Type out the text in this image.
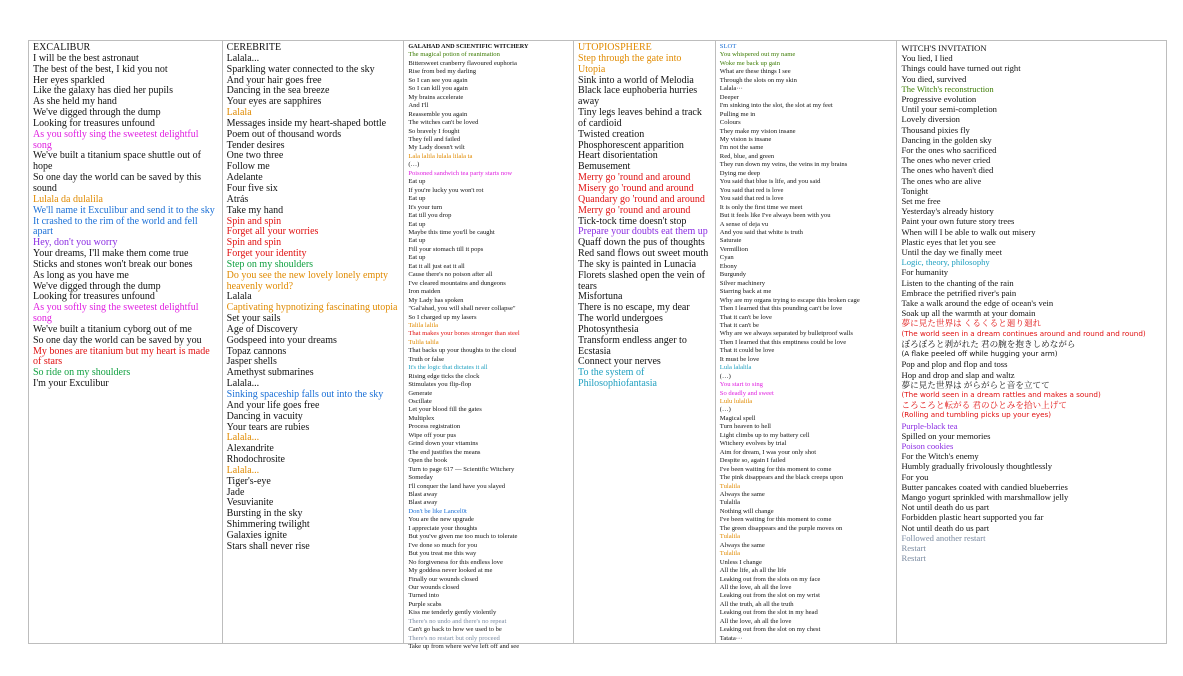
EXCALIBUR
I will be the best astronaut
The best of the best, I kid you not
Her eyes sparkled
Like the galaxy has died her pupils
As she held my hand
We've digged through the dump
Looking for treasures unfound
As you softly sing the sweetest delightful song
We've built a titanium space shuttle out of hope
So one day the world can be saved by this sound
Lulala da dulalila
We'll name it Exculibur and send it to the sky
It crashed to the rim of the world and fell apart
Hey, don't you worry
Your dreams, I'll make them come true
Sticks and stones won't break our bones
As long as you have me
We've digged through the dump
Looking for treasures unfound
As you softly sing the sweetest delightful song
We've built a titanium cyborg out of me
So one day the world can be saved by you
My bones are titanium but my heart is made of stars
So ride on my shoulders
I'm your Exculibur
CEREBRITE
Lalala...
Sparkling water connected to the sky
And your hair goes free
Dancing in the sea breeze
Your eyes are sapphires
Lalala
Messages inside my heart-shaped bottle
Poem out of thousand words
Tender desires
One two three
Follow me
Adelante
Four five six
Atrás
Take my hand
Spin and spin
Forget all your worries
Spin and spin
Forget your identity
Step on my shoulders
Do you see the new lovely lonely empty heavenly world?
Lalala
Captivating hypnotizing fascinating utopia
Set your sails
Age of Discovery
Godspeed into your dreams
Topaz cannons
Jasper shells
Amethyst submarines
Lalala...
Sinking spaceship falls out into the sky
And your life goes free
Dancing in vacuity
Your tears are rubies
Lalala...
Alexandrite
Rhodochrosite
Lalala...
Tiger's-eye
Jade
Vesuvianite
Bursting in the sky
Shimmering twilight
Galaxies ignite
Stars shall never rise
GALAHAD AND SCIENTIFIC WITCHERY
The magical potion of reanimation
Bittersweet cranberry flavoured euphoria
Rise from bed my darling
So I can see you again
So I can kill you again
My brains accelerate
And I'll
Reassemble you again
The witches can't be loved
So bravely I fought
They fell and failed
My Lady doesn't wilt
Lala lalila lulala lilala ta
(…)
Poisoned sandwich tea party starts now
Eat up
If you're lucky you won't rot
Eat up
It's your turn
Eat till you drop
Eat up
Maybe this time you'll be caught
Eat up
Fill your stomach till it pops
Eat up
Eat it all just eat it all
Cause there's no poison after all
I've cleared mountains and dungeons
Iron maiden
My Lady has spoken
"Gal'ahad, you will shall never collapse"
So I charged up my lasers
Talila lalila
That makes your bones stronger than steel
Tulila talila
That backs up your thoughts to the cloud
Truth or false
It's the logic that dictates it all
Rising edge ticks the clock
Stimulates you flip-flop
Generate
Oscillate
Let your blood fill the gates
Multiplex
Process registration
Wipe off your pus
Grind down your vitamins
The end justifies the means
Open the book
Turn to page 617 — Scientific Witchery
Someday
I'll conquer the land have you slayed
Blast away
Blast away
Don't be like Lancel0t
You are the new upgrade
I appreciate your thoughts
But you've given me too much to tolerate
I've done so much for you
But you treat me this way
No forgiveness for this endless love
My goddess never looked at me
Finally our wounds closed
Our wounds closed
Turned into
Purple scabs
Kiss me tenderly gently violently
There's no undo and there's no repeat
Can't go back to how we used to be
There's no restart but only proceed
Take up from where we've left off and see
UTOPIOSPHERE
Step through the gate into Utopia
Sink into a world of Melodia
Black lace euphoberia hurries away
Tiny legs leaves behind a track of cardioid
Twisted creation
Phosphorescent apparition
Heart disorientation
Bemusement
Merry go 'round and around
Misery go 'round and around
Quandary go 'round and around
Merry go 'round and around
Tick-tock time doesn't stop
Prepare your doubts eat them up
Quaff down the pus of thoughts
Red sand flows out sweet mouth
The sky is painted in Lunacia
Florets slashed open the vein of tears
Misfortuna
There is no escape, my dear
The world undergoes Photosynthesia
Transform endless anger to Ecstasia
Connect your nerves
To the system of Philosophiofantasia
SLOT
You whispered out my name
Woke me back up gain
What are these things I see
Through the slots on my skin
Lalala···
Deeper
I'm sinking into the slot, the slot at my feet
Pulling me in
Colours
They make my vision insane
My vision is insane
I'm not the same
Red, blue, and green
They run down my veins, the veins in my brains
Dying me deep
You said that blue is life, and you said
You said that red is love
You said that red is love
It is only the first time we meet
But it feels like I've always been with you
A sense of deja vu
And you said that white is truth
Saturate
Vermillion
Cyan
Ebony
Burgundy
Silver machinery
Starring back at me
Why are my organs trying to escape this broken cage
Then I learned that this pounding can't be love
That it can't be love
That it can't be
Why are we always separated by bulletproof walls
Then I learned that this emptiness could be love
That it could be love
It must be love
Lula lalalila
(…)
You start to sing
So deadly and sweet
Lulu lulalila
(…)
Magical spell
Turn heaven to hell
Light climbs up to my battery cell
Witchery evolves by trial
Aim for dream, I was your only shot
Despite so, again I failed
I've been waiting for this moment to come
The pink disappears and the black creeps upon
Tulalila
Always the same
Tulalila
Nothing will change
I've been waiting for this moment to come
The green disappears and the purple moves on
Tulalila
Always the same
Tulalila
Unless I change
All the life, ah all the life
Leaking out from the slots on my face
All the love, ah all the love
Leaking out from the slot on my wrist
All the truth, ah all the truth
Leaking out from the slot in my head
All the love, ah all the love
Leaking out from the slot on my chest
Tatata···
WITCH'S INVITATION
You lied, I lied
Things could have turned out right
You died, survived
The Witch's reconstruction
Progressive evolution
Until your semi-completion
Lovely diversion
Thousand pixies fly
Dancing in the golden sky
For the ones who sacrificed
The ones who never cried
The ones who haven't died
The ones who are alive
Tonight
Set me free
Yesterday's already history
Paint your own future story trees
When will I be able to walk out misery
Plastic eyes that let you see
Until the day we finally meet
Logic, theory, philosophy
For humanity
Listen to the chanting of the rain
Embrace the petrified river's pain
Take a walk around the edge of ocean's vein
Soak up all the warmth at your domain
夢に見た世界は くるくると廻り廻れ
(The world seen in a dream continues around and round and round)
ぼろぼろと剥がれた 君の腕を抱きしめながら
(A flake peeled off while hugging your arm)
Pop and plop and flop and toss
Hop and drop and slap and waltz
夢に見た世界は がらがらと音を立てて
(The world seen in a dream rattles and makes a sound)
ころころと転がる 君のひとみを拾い上げて
(Rolling and tumbling picks up your eyes)
Purple-black tea
Spilled on your memories
Poison cookies
For the Witch's enemy
Humbly gradually frivolously thoughtlessly
For you
Butter pancakes coated with candied blueberries
Mango yogurt sprinkled with marshmallow jelly
Not until death do us part
Forbidden plastic heart supported you far
Not until death do us part
Followed another restart
Restart
Restart
